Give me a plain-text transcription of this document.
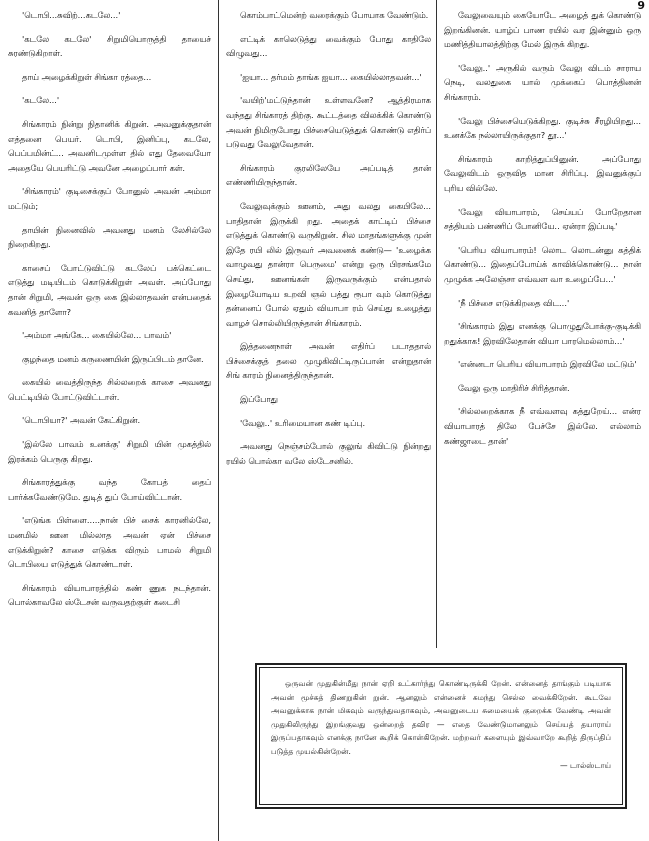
9

'டொபி...சுவிற்...கடலே...'

'கடலே கடலே' சிறுமியொருத்தி தாயைச் சுரண்டுகிறாள்.

தாய் அழைக்கிறுள் சிங்கா ரத்தை...

'கடலே...'

சிங்காரம் நின்று நிதானிக் கிறுன். அவனுக்குதான் எத்தனை பெயர். டொபி, இனிப்பு, கடலே, பெப்பமின்ட்... அவனிடமுள்ள தில் எது தேவையோ அதையே பெயரிட்டு அவனே அழைப்பார் கள்.

'சிங்காரம்' குடிசைக்குப் போனுல் அவன் அம்மா மட்டும்;

தாயின் நினைவில் அவனது மனம் லேசில்லே நிறைகிறது.

காசைப் போட்டுவிட்டு கடலேப் பக்கெட்டை எடுத்து மடியிடம் கொடுக்கிறுள் அவள். அப்போது தான் சிறுமி, அவன் ஒரு கை இல்லாதவன் என்பதைக் கவனித் தாளோ?

'அம்மா அங்கே... கையில்லே... பாவம்'

குழந்தை மனம் கருணையின் இருப்பிடம் தானே.

கையில் வைத்திருந்த சில்லறைக் காசை அவனது பெட்டியில் போட்டுவிட்டாள்.

'டொபியா?' அவன் கேட்கிறுன்.

'இல்லே பாவம் உனக்கு' சிறுமி யின் முகத்தில் இரக்கம் பெருகு கிறது.

சிங்காரத்துக்கு வந்த கோபத் தைப் பார்க்கவேண்டுமே. துடித் துப் போய்விட்டான்.

'எடுங்க பிள்ளை.....நான் பிச் சைக் காரனில்லே, மனமில் ஊன மில்லாத அவன் ஏன் பிச்சை எடுக்கிறுன்? காசை எடுக்க விரும் பாமல் சிறுமி டொபியை எடுத்துக் கொண்டாள்.

சிங்காரம் வியாபாரத்தில் கண் ணுக நடந்தான். பொல்காவலே ஸ்டேசன் வருவதற்குள் கடைசி

கொம்பாட்மென்ற் வரைக்கும் போயாக வேண்டும்.

எட்டிக் காலெடுத்து வைக்கும் போது காதிலே விழுவது...

'ஐயா... தர்மம் தாங்க ஐயா... கையில்லாதவன்...'

'வயிற்'மட்டுந்தான் உள்ளவனே? ஆத்திரமாக வந்தது சிங்காரத் திற்கு. கூட்டத்தை விலக்கிக் கொண்டு அவன் நிமிருபோது பிச்சையெடுத்துக் கொண்டு எதிர்ப் படுவது வேலுவேதான்.

சிங்காரம் குரலிலேயே அப்படித் தான் எண்ணியிருந்தான்.

வேலுவுக்கும் ஊனம், அது வலது கையிலே... பாதிதான் இருக்கி றது. அதைக் காட்டிப் பிச்சை எடுத்துக் கொண்டு வருகிறுன். சில மாதங்களுக்கு முன் இதே ரயி லில் இருவர் அவனைக் கண்டு— 'உழைக்க வாழுவது தான்ரா பெருமை' என்று ஒரு பிரசங்கமே செய்து, ஊனங்கள் இருவருக்கும் என்பதால் இழையோடிய உறவி ஞல் பத்து ரூபா வும் கொடுத்து தன்னைப் போல் ஏதும் வியாபா ரம் செய்து உழைத்து வாழச் சொல்லியிருந்தான் சிங்காரம்.

இத்தனைநாள் அவன் எதிர்ப் படாததால் பிச்சைக்குத் தலை முழுகிவிட்டிருப்பான் என்றுதான் சிங் காரம் நினைத்திருந்தான்.

இப்போது

'வேலு..' உரிமையான கண் டிப்பு.

அவனது நெஞ்சம்போல் குலுங் கிவிட்டு நின்றது ரயில் பொல்கா வலே ஸ்டேசனில்.

வேலுவையும் கையோடே அழைத் துக் கொண்டு இறங்கினன். யாழ்ப் பாண ரயில் வர இன்னும் ஒரு மணித்தியாலத்திற்கு மேல் இருக் கிறது.

'வேலு..' அருகில் வரும் வேலு விடம் சாராய நெடி, வலதுகை யால் முக்கைப் பொத்தினன் சிங்காரம்.

'வேலு பிச்சையெடுக்கிறது. குடிச்சு சீரழியிறது... உனக்கே நல்லாயிருக்குதா? தூ...'

சிங்காரம் காறித்துப்பினுன். அப்போது வேலுவிடம் ஒருவித மான சிரிப்பு. இவனுக்குப் புரிய வில்லே.

'வேலு வியாபாரம், செய்யப் போறேதான சத்தியம் பண்ணிப் போனியே.. ஏன்ரா இப்படி'

'பெரிய வியாபாரம்! லொட லொடன்னு கத்திக் கொண்டு... இதைப்போய்க் காவிக்கொண்டு... நான் முழுக்க அலேஞ்சா எவ்வள வா உழைப்பே...'

'நீ பிச்சை எடுக்கிறதை விட...'

'சிங்காரம் இது எனக்கு பொழுதுபோக்கு-குடிக்கி றதுக்காக! இரவிலேதான் வியா பாரமெல்லாம்...'

'என்னடா பெரிய வியாபாரம் இரவிலே மட்டும்'

வேலு ஒரு மாதிரிச் சிரித்தான்.

'சில்லறைக்காக நீ எவ்வளவு கத்துறேய்... என்ர வியாபாரத் திலே பேச்சே இல்லே. எல்லாம் கண்ஜாடை தான்'

ஒருவன் முதுகின்மீது நான் ஏறி உட்கார்ந்து கொண்டிருக்கி றேன். என்னைத் தாங்கும் படியாக அவன் மூச்சுத் திணறுகின் றுன். ஆனலும் என்னைச் சுமந்து செல்ல வைக்கிறேன். கூடவே அவனுக்காக நான் மிகவும் வருந்துவதாகவும், அவனுடைய சுமையைக் குறைக்க வேண்டி அவன் முதுகிலிருந்து இறங்குவது ஒன்றைத் தவிர — எதை வேண்டுமானலும் செய்யத் தயாராய் இருப்பதாகவும் எனக்கு நானே கூறிக் கொள்கிறேன். மற்றவர் களையும் இவ்வாறே கூறித் திருப்திப் படுத்த முயல்கின்றேன்.

— டால்ஸ்டாய்
